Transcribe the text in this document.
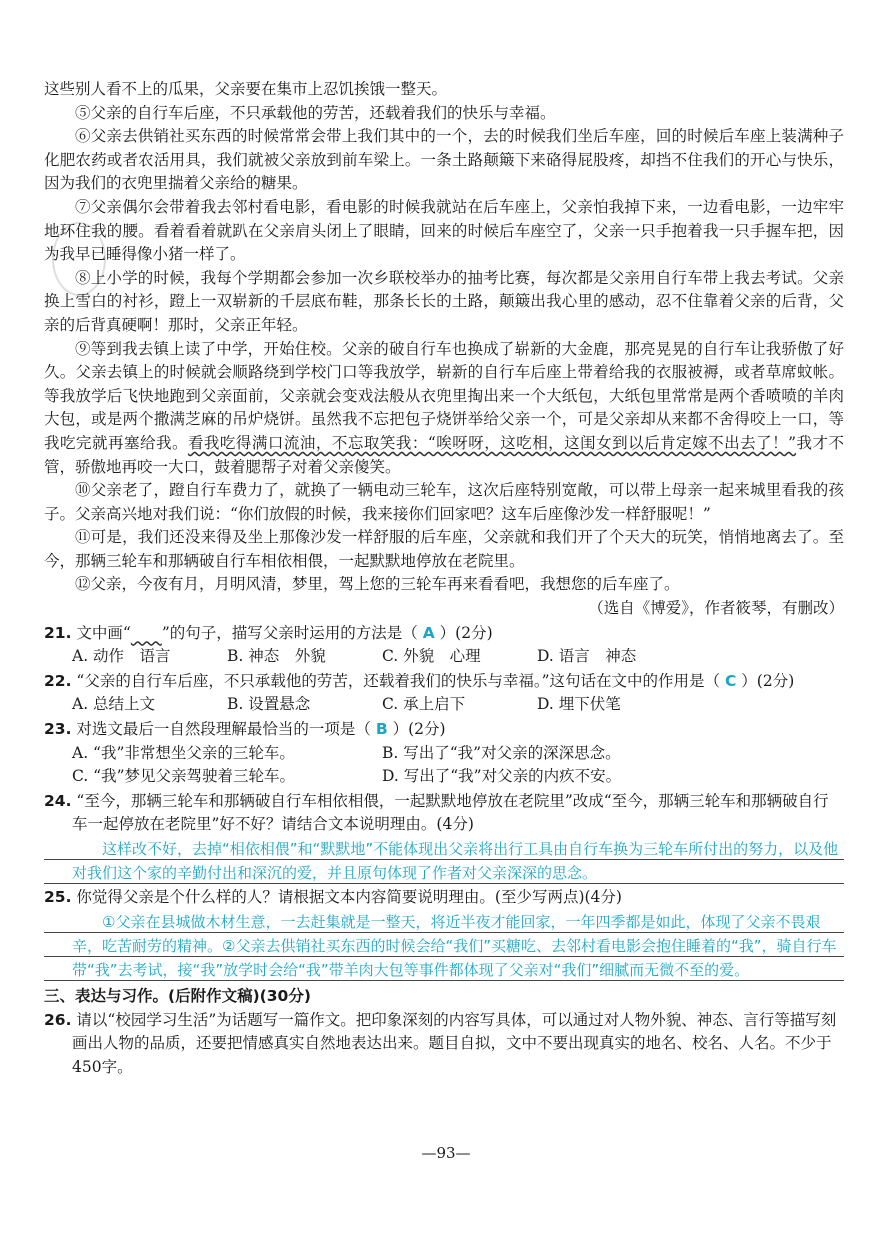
这些别人看不上的瓜果，父亲要在集市上忍饥挨饿一整天。

⑤父亲的自行车后座，不只承载他的劳苦，还载着我们的快乐与幸福。

⑥父亲去供销社买东西的时候常常会带上我们其中的一个，去的时候我们坐后车座，回的时候后车座上装满种子化肥农药或者农活用具，我们就被父亲放到前车梁上。一条土路颠簸下来硌得屁股疼，却挡不住我们的开心与快乐，因为我们的衣兜里揣着父亲给的糖果。

⑦父亲偶尔会带着我去邻村看电影，看电影的时候我就站在后车座上，父亲怕我掉下来，一边看电影，一边牢牢地环住我的腰。看着看着就趴在父亲肩头闭上了眼睛，回来的时候后车座空了，父亲一只手抱着我一只手握车把，因为我早已睡得像小猪一样了。

⑧上小学的时候，我每个学期都会参加一次乡联校举办的抽考比赛，每次都是父亲用自行车带上我去考试。父亲换上雪白的衬衫，蹬上一双崭新的千层底布鞋，那条长长的土路，颠簸出我心里的感动，忍不住靠着父亲的后背，父亲的后背真硬啊！那时，父亲正年轻。

⑨等到我去镇上读了中学，开始住校。父亲的破自行车也换成了崭新的大金鹿，那亮晃晃的自行车让我骄傲了好久。父亲去镇上的时候就会顺路绕到学校门口等我放学，崭新的自行车后座上带着给我的衣服被褥，或者草席蚊帐。等我放学后飞快地跑到父亲面前，父亲就会变戏法般从衣兜里掏出来一个大纸包，大纸包里常常是两个香喷喷的羊肉大包，或是两个撒满芝麻的吊炉烧饼。虽然我不忘把包子烧饼举给父亲一个，可是父亲却从来都不舍得咬上一口，等我吃完就再塞给我。看我吃得满口流油，不忘取笑我：“唉呀呀，这吃相，这闺女到以后肯定嫁不出去了！”我才不管，骄傲地再咬一大口，鼓着腮帮子对着父亲傻笑。

⑩父亲老了，蹬自行车费力了，就换了一辆电动三轮车，这次后座特别宽敞，可以带上母亲一起来城里看我的孩子。父亲高兴地对我们说：“你们放假的时候，我来接你们回家吧？这车后座像沙发一样舒服呢！”

⑪可是，我们还没来得及坐上那像沙发一样舒服的后车座，父亲就和我们开了个天大的玩笑，悄悄地离去了。至今，那辆三轮车和那辆破自行车相依相偎，一起默默地停放在老院里。

⑫父亲，今夜有月，月明风清，梦里，驾上您的三轮车再来看看吧，我想您的后车座了。

（选自《博爱》，作者筱琴，有删改）

21. 文中画“　　 ”的句子，描写父亲时运用的方法是（ A ）(2分)

A. 动作　语言	B. 神态　外貌	C. 外貌　心理	D. 语言　神态

22. “父亲的自行车后座，不只承载他的劳苦，还载着我们的快乐与幸福。”这句话在文中的作用是（ C ）(2分)

A. 总结上文	B. 设置悬念	C. 承上启下	D. 埋下伏笔

23. 对选文最后一自然段理解最恰当的一项是（ B ）(2分)

A. “我”非常想坐父亲的三轮车。	B. 写出了“我”对父亲的深深思念。
C. “我”梦见父亲驾驶着三轮车。	D. 写出了“我”对父亲的内疚不安。

24. “至今，那辆三轮车和那辆破自行车相依相偎，一起默默地停放在老院里”改成“至今，那辆三轮车和那辆破自行车一起停放在老院里”好不好？请结合文本说明理由。(4分)

这样改不好，去掉“相依相偎”和“默默地”不能体现出父亲将出行工具由自行车换为三轮车所付出的努力，以及他对我们这个家的辛勤付出和深沉的爱，并且原句体现了作者对父亲深深的思念。

25. 你觉得父亲是个什么样的人？请根据文本内容简要说明理由。(至少写两点)(4分)

①父亲在县城做木材生意，一去赶集就是一整天，将近半夜才能回家，一年四季都是如此，体现了父亲不畏艰辛，吃苦耐劳的精神。②父亲去供销社买东西的时候会给“我们”买糖吃、去邻村看电影会抱住睡着的“我”，骑自行车带“我”去考试，接“我”放学时会给“我”带羊肉大包等事件都体现了父亲对“我们”细腻而无微不至的爱。

三、表达与习作。(后附作文稿)(30分)

26. 请以“校园学习生活”为话题写一篇作文。把印象深刻的内容写具体，可以通过对人物外貌、神态、言行等描写刻画出人物的品质，还要把情感真实自然地表达出来。题目自拟，文中不要出现真实的地名、校名、人名。不少于450字。

—93—
